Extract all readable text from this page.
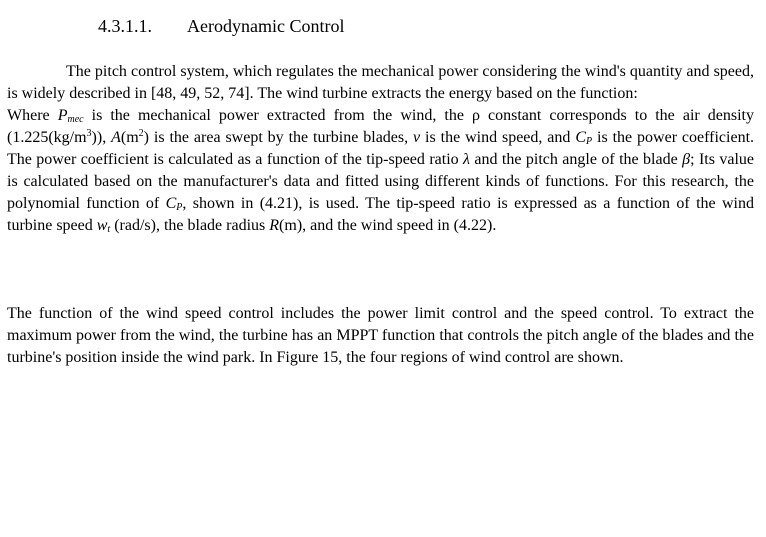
4.3.1.1. Aerodynamic Control

The pitch control system, which regulates the mechanical power considering the wind's quantity and speed, is widely described in [48, 49, 52, 74]. The wind turbine extracts the energy based on the function:
Where $P_{mec}$ is the mechanical power extracted from the wind, the ρ constant corresponds to the air density $(1.225(kg/m^3))$, $A(m^2)$ is the area swept by the turbine blades, v is the wind speed, and $C_P$ is the power coefficient. The power coefficient is calculated as a function of the tip-speed ratio λ and the pitch angle of the blade β; Its value is calculated based on the manufacturer's data and fitted using different kinds of functions. For this research, the polynomial function of $C_P$, shown in (4.21), is used. The tip-speed ratio is expressed as a function of the wind turbine speed $w_t$ (rad/s), the blade radius R(m), and the wind speed in (4.22).

The function of the wind speed control includes the power limit control and the speed control. To extract the maximum power from the wind, the turbine has an MPPT function that controls the pitch angle of the blades and the turbine's position inside the wind park. In Figure 15, the four regions of wind control are shown.
